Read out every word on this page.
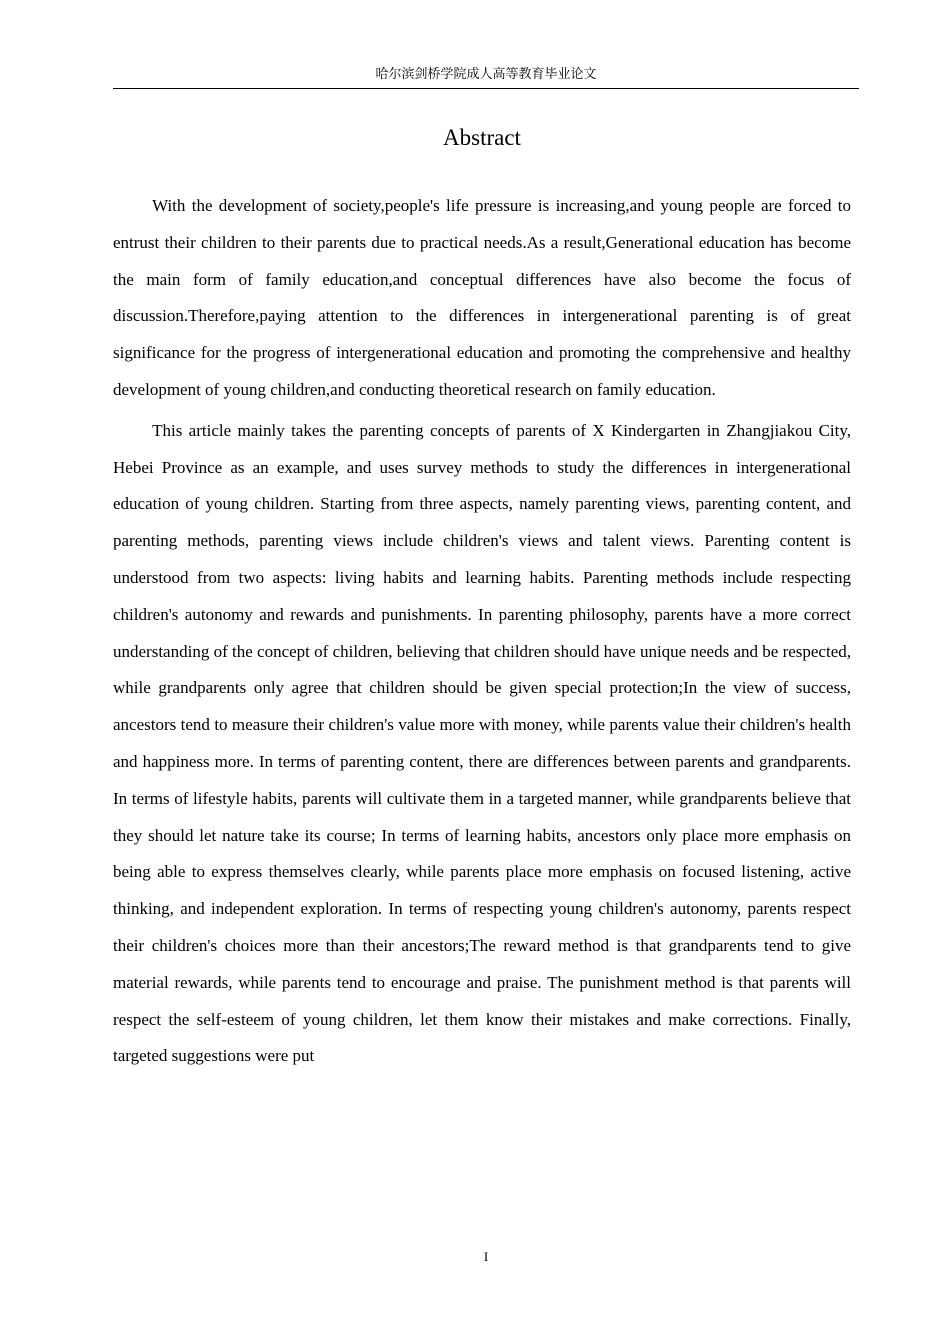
哈尔滨剑桥学院成人高等教育毕业论文
Abstract

With the development of society,people's life pressure is increasing,and young people are forced to entrust their children to their parents due to practical needs.As a result,Generational education has become the main form of family education,and conceptual differences have also become the focus of discussion.Therefore,paying attention to the differences in intergenerational parenting is of great significance for the progress of intergenerational education and promoting the comprehensive and healthy development of young children,and conducting theoretical research on family education.

This article mainly takes the parenting concepts of parents of X Kindergarten in Zhangjiakou City, Hebei Province as an example, and uses survey methods to study the differences in intergenerational education of young children. Starting from three aspects, namely parenting views, parenting content, and parenting methods, parenting views include children's views and talent views. Parenting content is understood from two aspects: living habits and learning habits. Parenting methods include respecting children's autonomy and rewards and punishments. In parenting philosophy, parents have a more correct understanding of the concept of children, believing that children should have unique needs and be respected, while grandparents only agree that children should be given special protection;In the view of success, ancestors tend to measure their children's value more with money, while parents value their children's health and happiness more. In terms of parenting content, there are differences between parents and grandparents. In terms of lifestyle habits, parents will cultivate them in a targeted manner, while grandparents believe that they should let nature take its course; In terms of learning habits, ancestors only place more emphasis on being able to express themselves clearly, while parents place more emphasis on focused listening, active thinking, and independent exploration. In terms of respecting young children's autonomy, parents respect their children's choices more than their ancestors;The reward method is that grandparents tend to give material rewards, while parents tend to encourage and praise. The punishment method is that parents will respect the self-esteem of young children, let them know their mistakes and make corrections. Finally, targeted suggestions were put

I
